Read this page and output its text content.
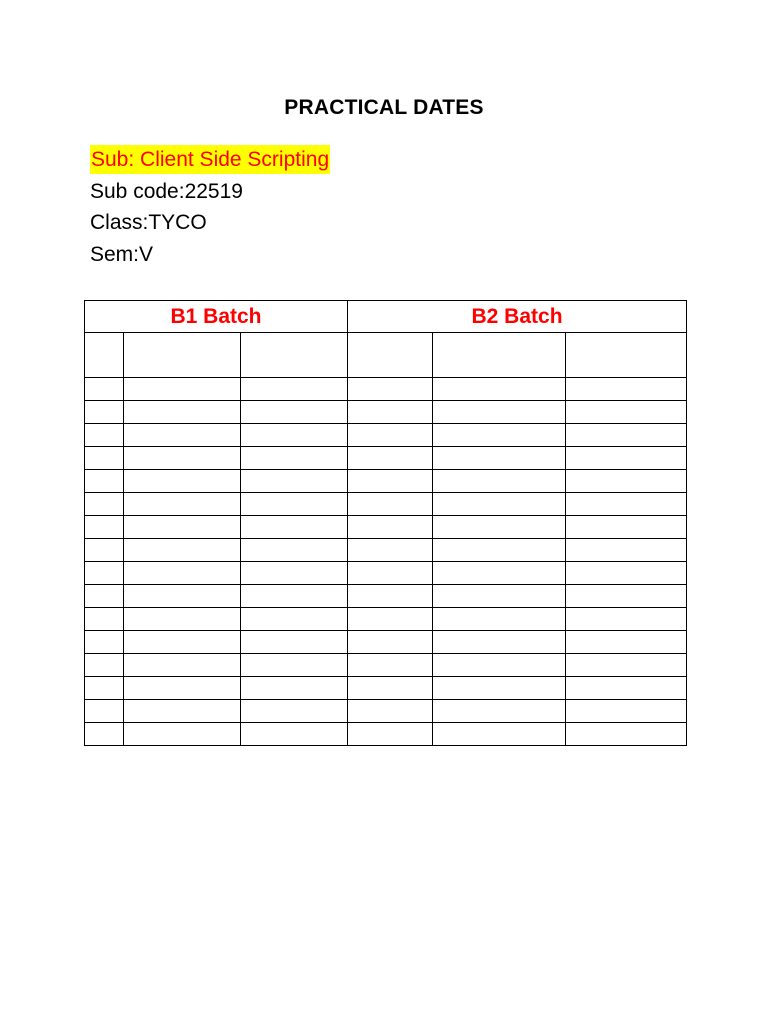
PRACTICAL DATES
Sub: Client Side Scripting
Sub code:22519
Class:TYCO
Sem:V
B1 Batch			B2 Batch		
